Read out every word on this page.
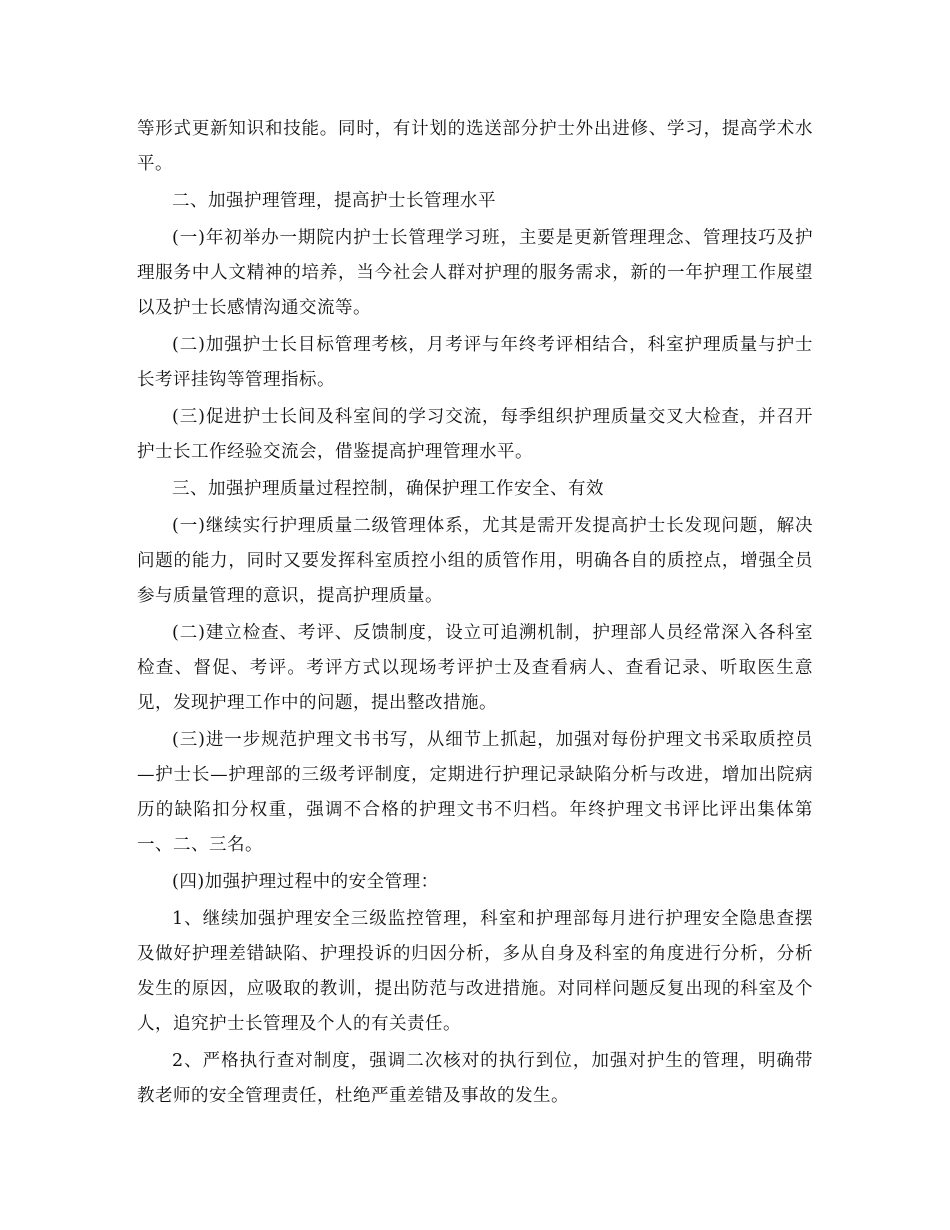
等形式更新知识和技能。同时，有计划的选送部分护士外出进修、学习，提高学术水平。

二、加强护理管理，提高护士长管理水平

(一)年初举办一期院内护士长管理学习班，主要是更新管理理念、管理技巧及护理服务中人文精神的培养，当今社会人群对护理的服务需求，新的一年护理工作展望以及护士长感情沟通交流等。

(二)加强护士长目标管理考核，月考评与年终考评相结合，科室护理质量与护士长考评挂钩等管理指标。

(三)促进护士长间及科室间的学习交流，每季组织护理质量交叉大检查，并召开护士长工作经验交流会，借鉴提高护理管理水平。

三、加强护理质量过程控制，确保护理工作安全、有效

(一)继续实行护理质量二级管理体系，尤其是需开发提高护士长发现问题，解决问题的能力，同时又要发挥科室质控小组的质管作用，明确各自的质控点，增强全员参与质量管理的意识，提高护理质量。

(二)建立检查、考评、反馈制度，设立可追溯机制，护理部人员经常深入各科室检查、督促、考评。考评方式以现场考评护士及查看病人、查看记录、听取医生意见，发现护理工作中的问题，提出整改措施。

(三)进一步规范护理文书书写，从细节上抓起，加强对每份护理文书采取质控员—护士长—护理部的三级考评制度，定期进行护理记录缺陷分析与改进，增加出院病历的缺陷扣分权重，强调不合格的护理文书不归档。年终护理文书评比评出集体第一、二、三名。

(四)加强护理过程中的安全管理：

1、继续加强护理安全三级监控管理，科室和护理部每月进行护理安全隐患查摆及做好护理差错缺陷、护理投诉的归因分析，多从自身及科室的角度进行分析，分析发生的原因，应吸取的教训，提出防范与改进措施。对同样问题反复出现的科室及个人，追究护士长管理及个人的有关责任。

2、严格执行查对制度，强调二次核对的执行到位，加强对护生的管理，明确带教老师的安全管理责任，杜绝严重差错及事故的发生。
